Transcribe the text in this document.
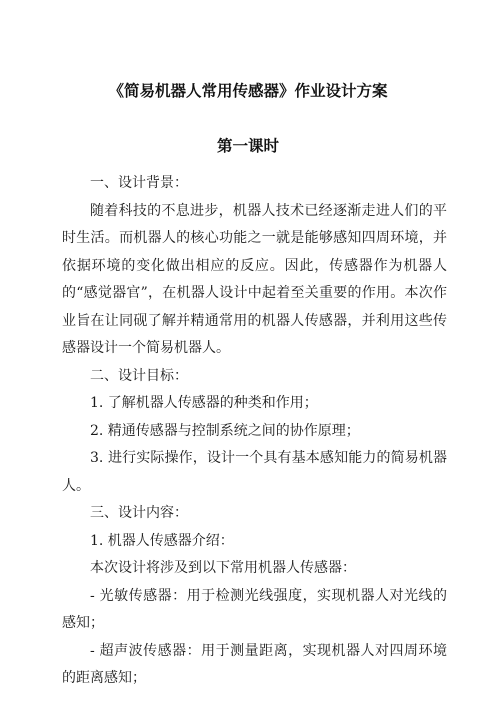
《简易机器人常用传感器》作业设计方案
第一课时

一、设计背景：

随着科技的不息进步，机器人技术已经逐渐走进人们的平时生活。而机器人的核心功能之一就是能够感知四周环境，并依据环境的变化做出相应的反应。因此，传感器作为机器人的“感觉器官”，在机器人设计中起着至关重要的作用。本次作业旨在让同砚了解并精通常用的机器人传感器，并利用这些传感器设计一个简易机器人。

二、设计目标：

1. 了解机器人传感器的种类和作用；

2. 精通传感器与控制系统之间的协作原理；

3. 进行实际操作，设计一个具有基本感知能力的简易机器人。

三、设计内容：

1. 机器人传感器介绍：

本次设计将涉及到以下常用机器人传感器：

- 光敏传感器：用于检测光线强度，实现机器人对光线的感知；

- 超声波传感器：用于测量距离，实现机器人对四周环境的距离感知；
